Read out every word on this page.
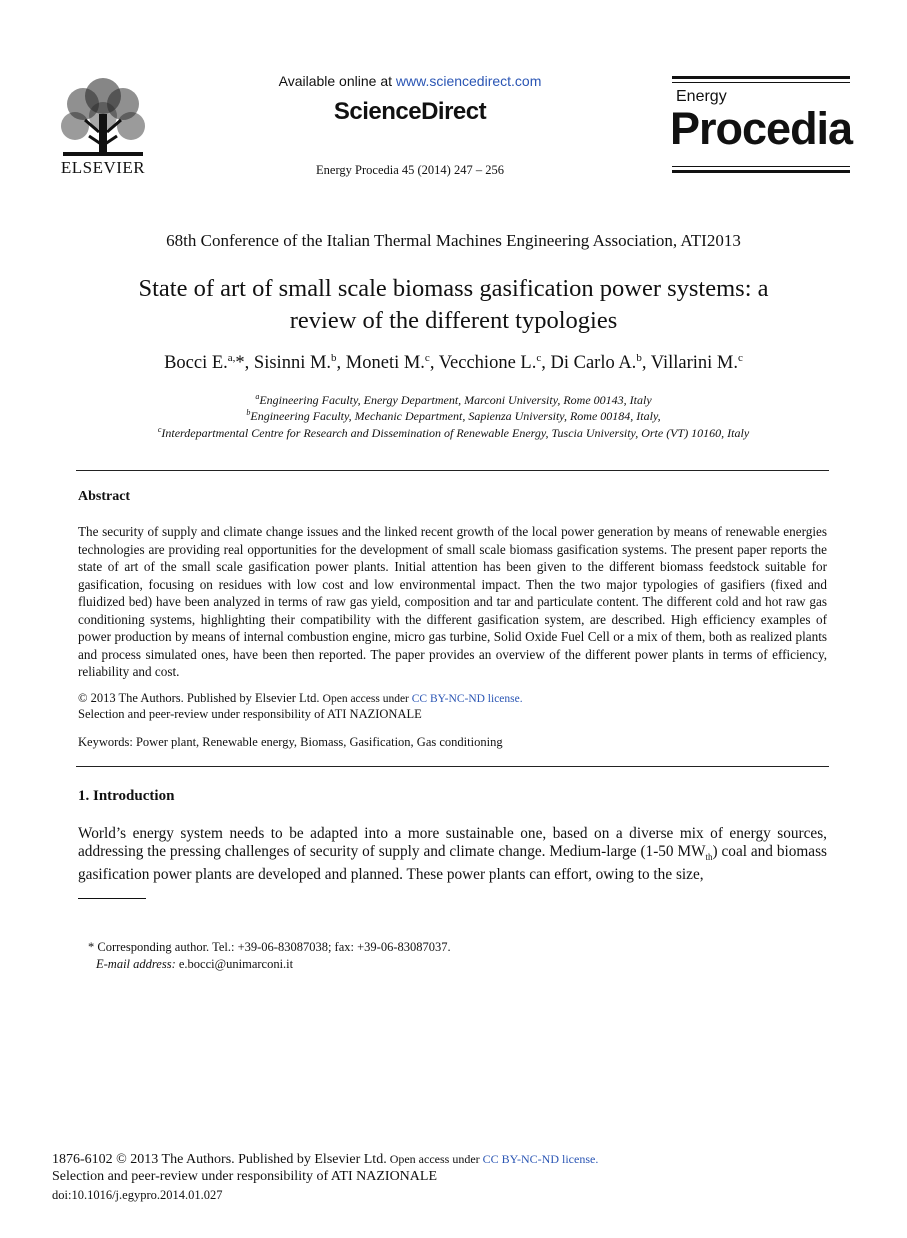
ELSEVIER
Available online at www.sciencedirect.com
ScienceDirect
Energy Procedia 45 (2014) 247 – 256
Energy
Procedia
68th Conference of the Italian Thermal Machines Engineering Association, ATI2013
State of art of small scale biomass gasification power systems: a
review of the different typologies
Bocci E.$^{a,}$*, Sisinni M.$^b$, Moneti M.$^c$, Vecchione L.$^c$, Di Carlo A.$^b$, Villarini M.$^c$
$^a$Engineering Faculty, Energy Department, Marconi University, Rome 00143, Italy
$^b$Engineering Faculty, Mechanic Department, Sapienza University, Rome 00184, Italy,
$^c$Interdepartmental Centre for Research and Dissemination of Renewable Energy, Tuscia University, Orte (VT) 10160, Italy
Abstract
The security of supply and climate change issues and the linked recent growth of the local power generation by means of renewable energies technologies are providing real opportunities for the development of small scale biomass gasification systems. The present paper reports the state of art of the small scale gasification power plants. Initial attention has been given to the different biomass feedstock suitable for gasification, focusing on residues with low cost and low environmental impact. Then the two major typologies of gasifiers (fixed and fluidized bed) have been analyzed in terms of raw gas yield, composition and tar and particulate content. The different cold and hot raw gas conditioning systems, highlighting their compatibility with the different gasification system, are described. High efficiency examples of power production by means of internal combustion engine, micro gas turbine, Solid Oxide Fuel Cell or a mix of them, both as realized plants and process simulated ones, have been then reported. The paper provides an overview of the different power plants in terms of efficiency, reliability and cost.
© 2013 The Authors. Published by Elsevier Ltd. Open access under CC BY-NC-ND license.
Selection and peer-review under responsibility of ATI NAZIONALE
Keywords: Power plant, Renewable energy, Biomass, Gasification, Gas conditioning
1. Introduction
World’s energy system needs to be adapted into a more sustainable one, based on a diverse mix of energy sources, addressing the pressing challenges of security of supply and climate change. Medium-large (1-50 $MW_{th}$) coal and biomass gasification power plants are developed and planned. These power plants can effort, owing to the size,
* Corresponding author. Tel.: +39-06-83087038; fax: +39-06-83087037.
E-mail address: e.bocci@unimarconi.it
1876-6102 © 2013 The Authors. Published by Elsevier Ltd. Open access under CC BY-NC-ND license.
Selection and peer-review under responsibility of ATI NAZIONALE
doi:10.1016/j.egypro.2014.01.027
